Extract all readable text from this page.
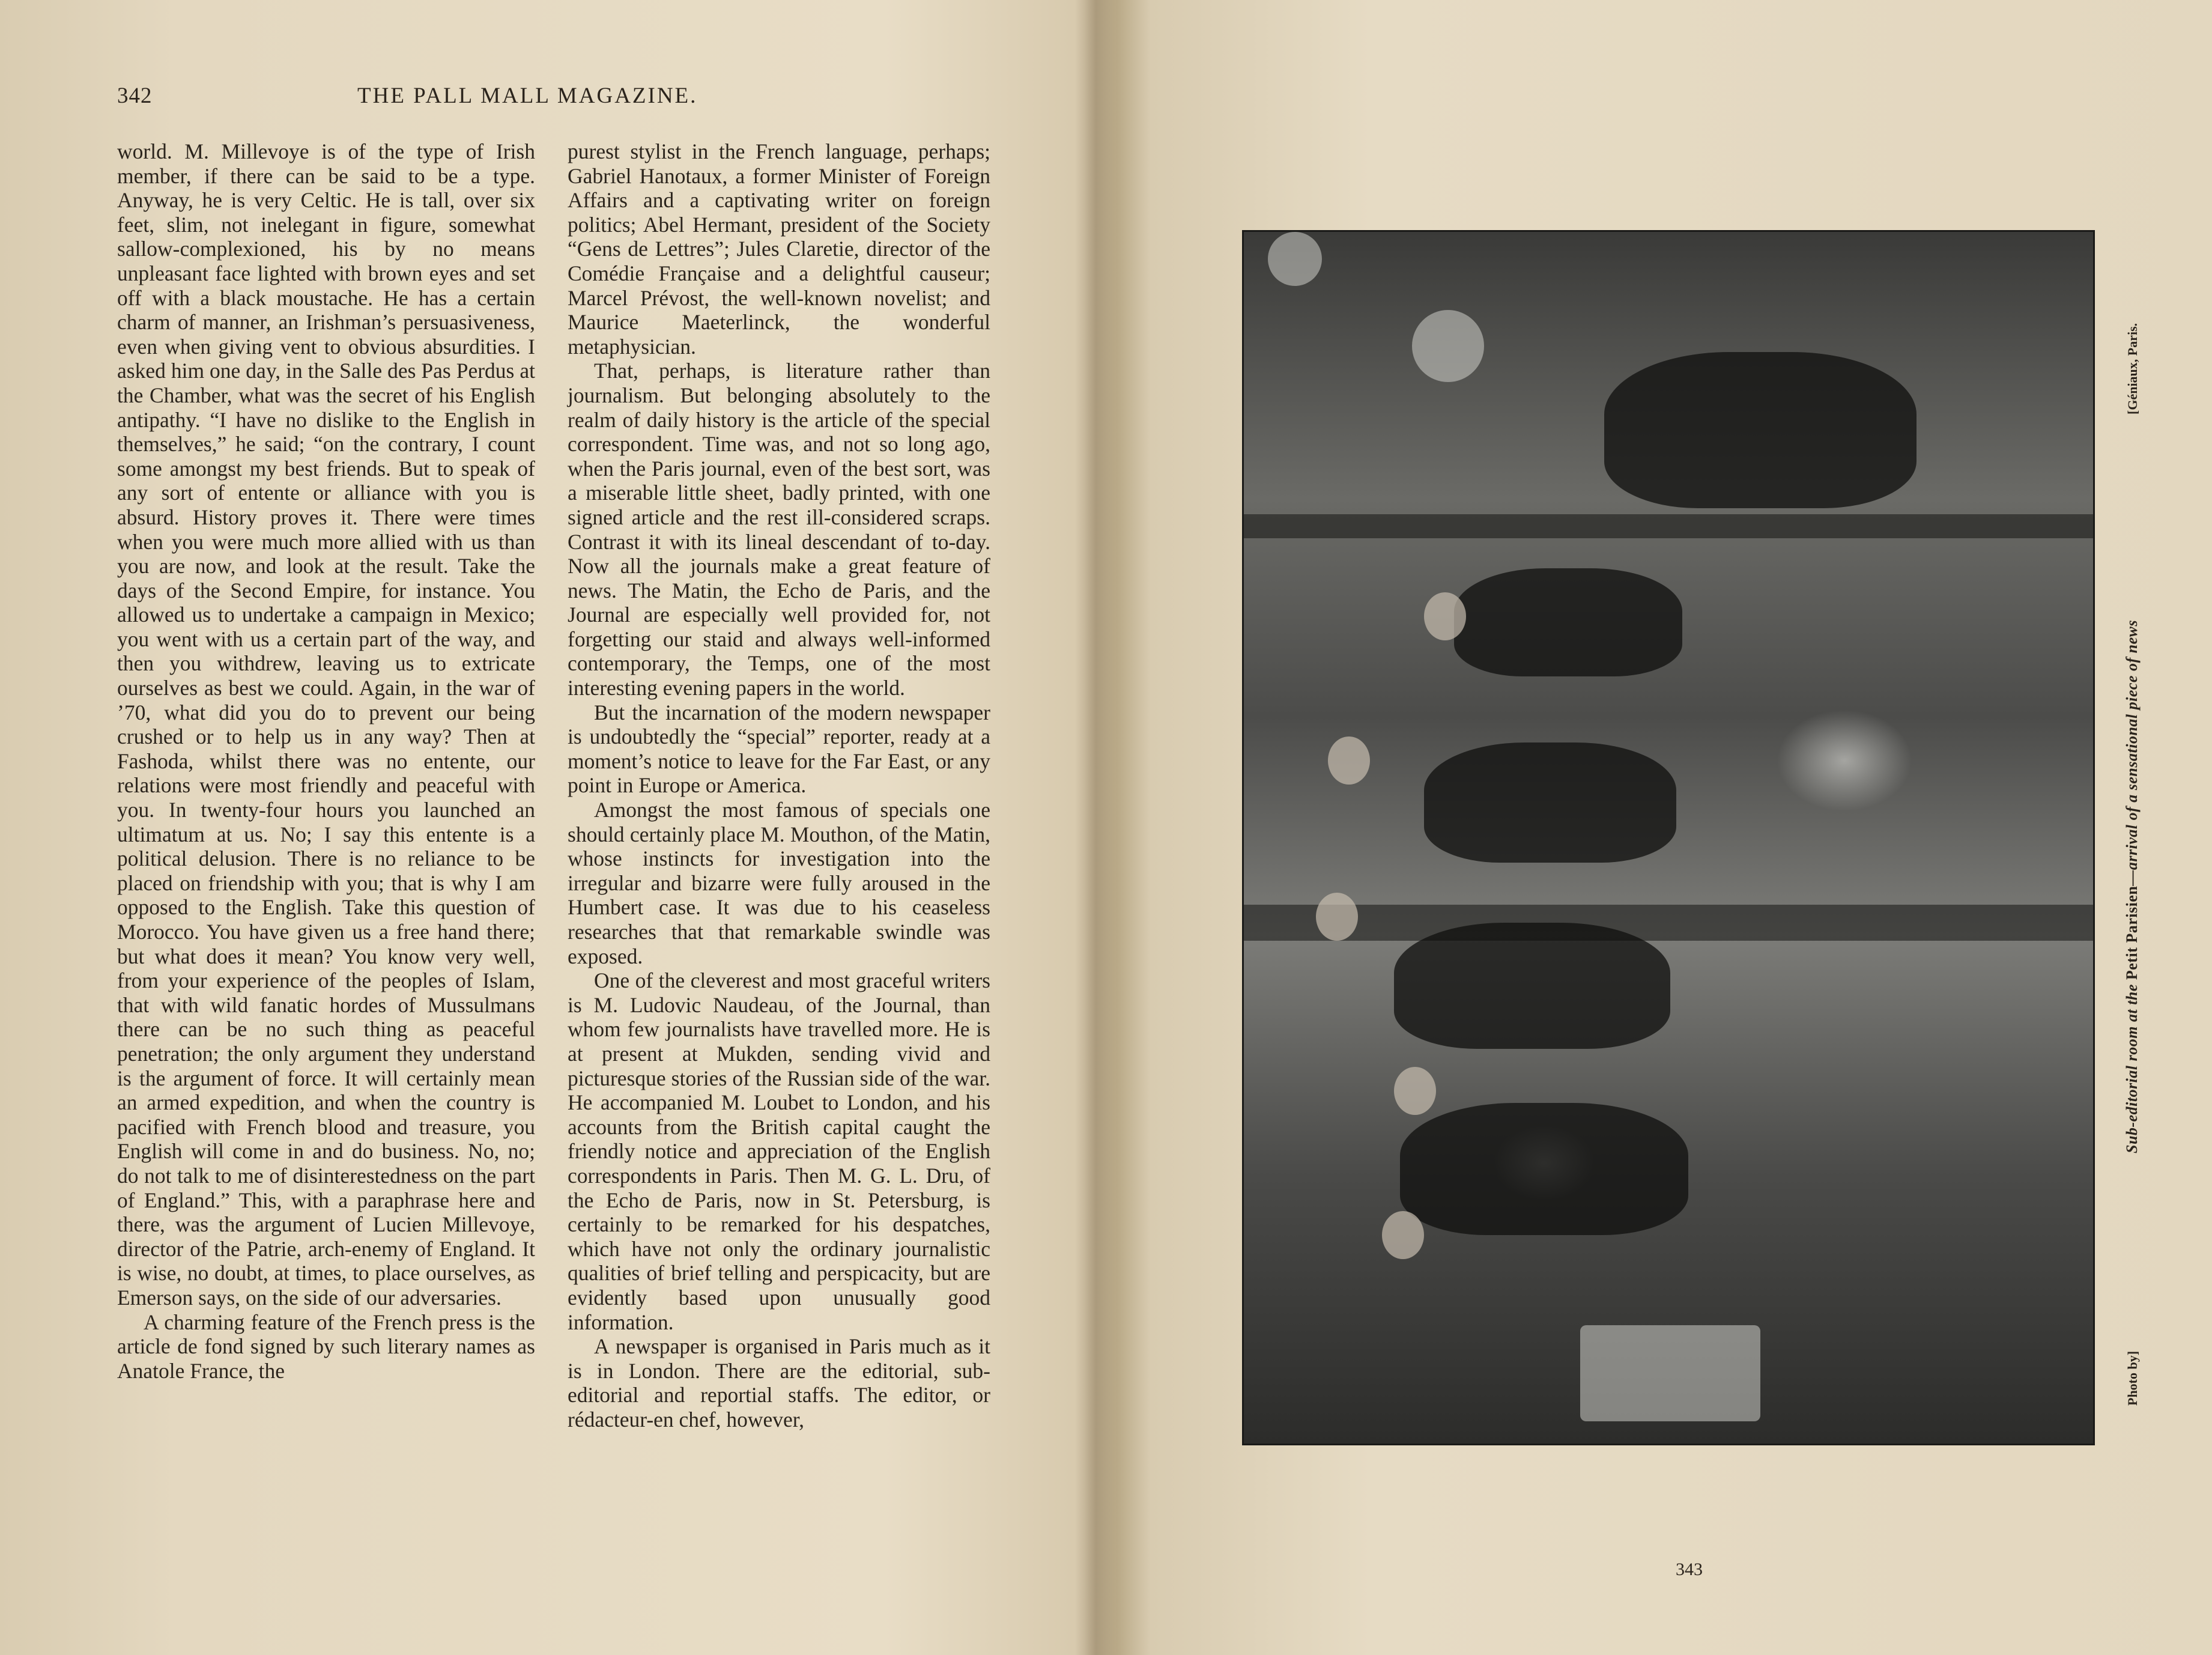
342	THE PALL MALL MAGAZINE.

world. M. Millevoye is of the type of Irish member, if there can be said to be a type. Anyway, he is very Celtic. He is tall, over six feet, slim, not inelegant in figure, somewhat sallow-complexioned, his by no means unpleasant face lighted with brown eyes and set off with a black moustache. He has a certain charm of manner, an Irishman’s persuasiveness, even when giving vent to obvious absurdities. I asked him one day, in the Salle des Pas Perdus at the Chamber, what was the secret of his English antipathy. “I have no dislike to the English in themselves,” he said; “on the contrary, I count some amongst my best friends. But to speak of any sort of entente or alliance with you is absurd. History proves it. There were times when you were much more allied with us than you are now, and look at the result. Take the days of the Second Empire, for instance. You allowed us to undertake a campaign in Mexico; you went with us a certain part of the way, and then you withdrew, leaving us to extricate ourselves as best we could. Again, in the war of ’70, what did you do to prevent our being crushed or to help us in any way? Then at Fashoda, whilst there was no entente, our relations were most friendly and peaceful with you. In twenty-four hours you launched an ultimatum at us. No; I say this entente is a political delusion. There is no reliance to be placed on friendship with you; that is why I am opposed to the English. Take this question of Morocco. You have given us a free hand there; but what does it mean? You know very well, from your experience of the peoples of Islam, that with wild fanatic hordes of Mussulmans there can be no such thing as peaceful penetration; the only argument they understand is the argument of force. It will certainly mean an armed expedition, and when the country is pacified with French blood and treasure, you English will come in and do business. No, no; do not talk to me of disinterestedness on the part of England.” This, with a paraphrase here and there, was the argument of Lucien Millevoye, director of the Patrie, arch-enemy of England. It is wise, no doubt, at times, to place ourselves, as Emerson says, on the side of our adversaries.

A charming feature of the French press is the article de fond signed by such literary names as Anatole France, the

purest stylist in the French language, perhaps; Gabriel Hanotaux, a former Minister of Foreign Affairs and a captivating writer on foreign politics; Abel Hermant, president of the Society “Gens de Lettres”; Jules Claretie, director of the Comédie Française and a delightful causeur; Marcel Prévost, the well-known novelist; and Maurice Maeterlinck, the wonderful metaphysician.

That, perhaps, is literature rather than journalism. But belonging absolutely to the realm of daily history is the article of the special correspondent. Time was, and not so long ago, when the Paris journal, even of the best sort, was a miserable little sheet, badly printed, with one signed article and the rest ill-considered scraps. Contrast it with its lineal descendant of to-day. Now all the journals make a great feature of news. The Matin, the Echo de Paris, and the Journal are especially well provided for, not forgetting our staid and always well-informed contemporary, the Temps, one of the most interesting evening papers in the world.

But the incarnation of the modern newspaper is undoubtedly the “special” reporter, ready at a moment’s notice to leave for the Far East, or any point in Europe or America.

Amongst the most famous of specials one should certainly place M. Mouthon, of the Matin, whose instincts for investigation into the irregular and bizarre were fully aroused in the Humbert case. It was due to his ceaseless researches that that remarkable swindle was exposed.

One of the cleverest and most graceful writers is M. Ludovic Naudeau, of the Journal, than whom few journalists have travelled more. He is at present at Mukden, sending vivid and picturesque stories of the Russian side of the war. He accompanied M. Loubet to London, and his accounts from the British capital caught the friendly notice and appreciation of the English correspondents in Paris. Then M. G. L. Dru, of the Echo de Paris, now in St. Petersburg, is certainly to be remarked for his despatches, which have not only the ordinary journalistic qualities of brief telling and perspicacity, but are evidently based upon unusually good information.

A newspaper is organised in Paris much as it is in London. There are the editorial, sub-editorial and reportial staffs. The editor, or rédacteur-en chef, however,

Sub-editorial room at the Petit Parisien—arrival of a sensational piece of news
Photo by]
[Géniaux, Paris.
343
